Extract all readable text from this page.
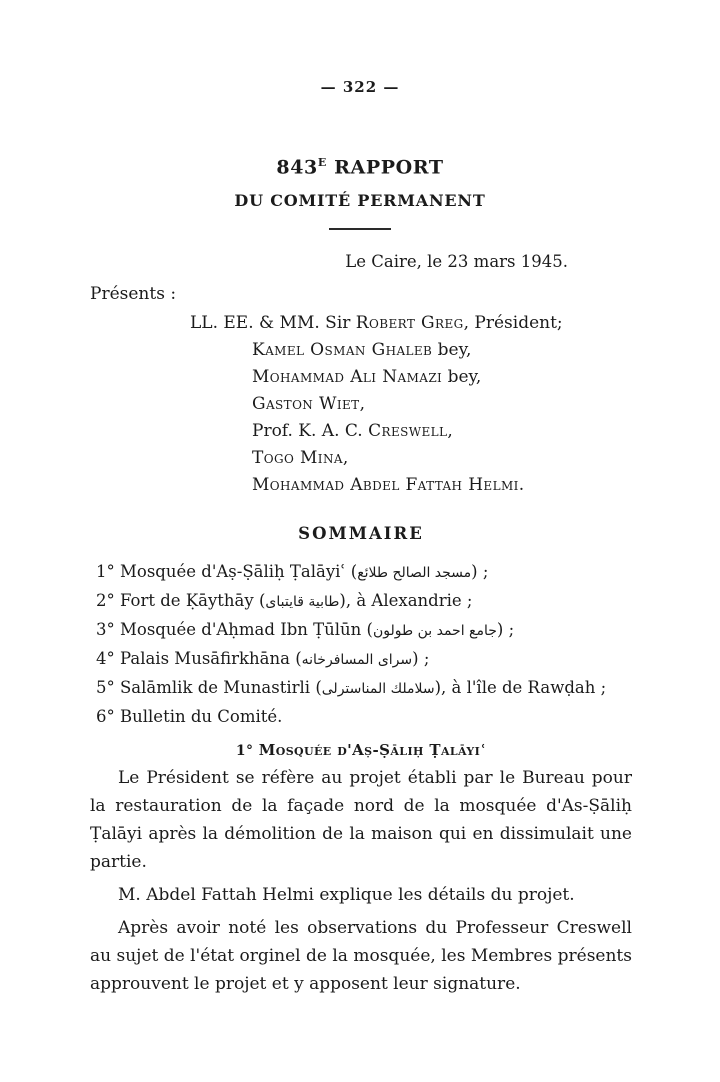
— 322 —
$843^E$ RAPPORT
DU COMITÉ PERMANENT
Le Caire, le 23 mars 1945.
Présents :

LL. EE. & MM. Sir Robert Greg, Président;

Kamel Osman Ghaleb bey,

Mohammad Ali Namazi bey,

Gaston Wiet,

Prof. K. A. C. Creswell,

Togo Mina,

Mohammad Abdel Fattah Helmi.

SOMMAIRE
1° Mosquée d'Aṣ-Ṣāliḥ Ṭalāyiʿ (مسجد الصالح طلائع) ;
2° Fort de Ḳāythāy (طابية قايتباى), à Alexandrie ;
3° Mosquée d'Aḥmad Ibn Ṭūlūn (جامع احمد بن طولون) ;
4° Palais Musāfirkhāna (سراى المسافرخانه) ;
5° Salāmlik de Munastirli (سلاملك المناسترلى), à l'île de Rawḍah ;
6° Bulletin du Comité.
1° Mosquée d'Aṣ-Ṣāliḥ Ṭalāyiʿ

Le Président se réfère au projet établi par le Bureau pour la restauration de la façade nord de la mosquée d'As-Ṣāliḥ Ṭalāyi après la démolition de la maison qui en dissimulait une partie.

M. Abdel Fattah Helmi explique les détails du projet.

Après avoir noté les observations du Professeur Creswell au sujet de l'état orginel de la mosquée, les Membres présents approuvent le projet et y apposent leur signature.
